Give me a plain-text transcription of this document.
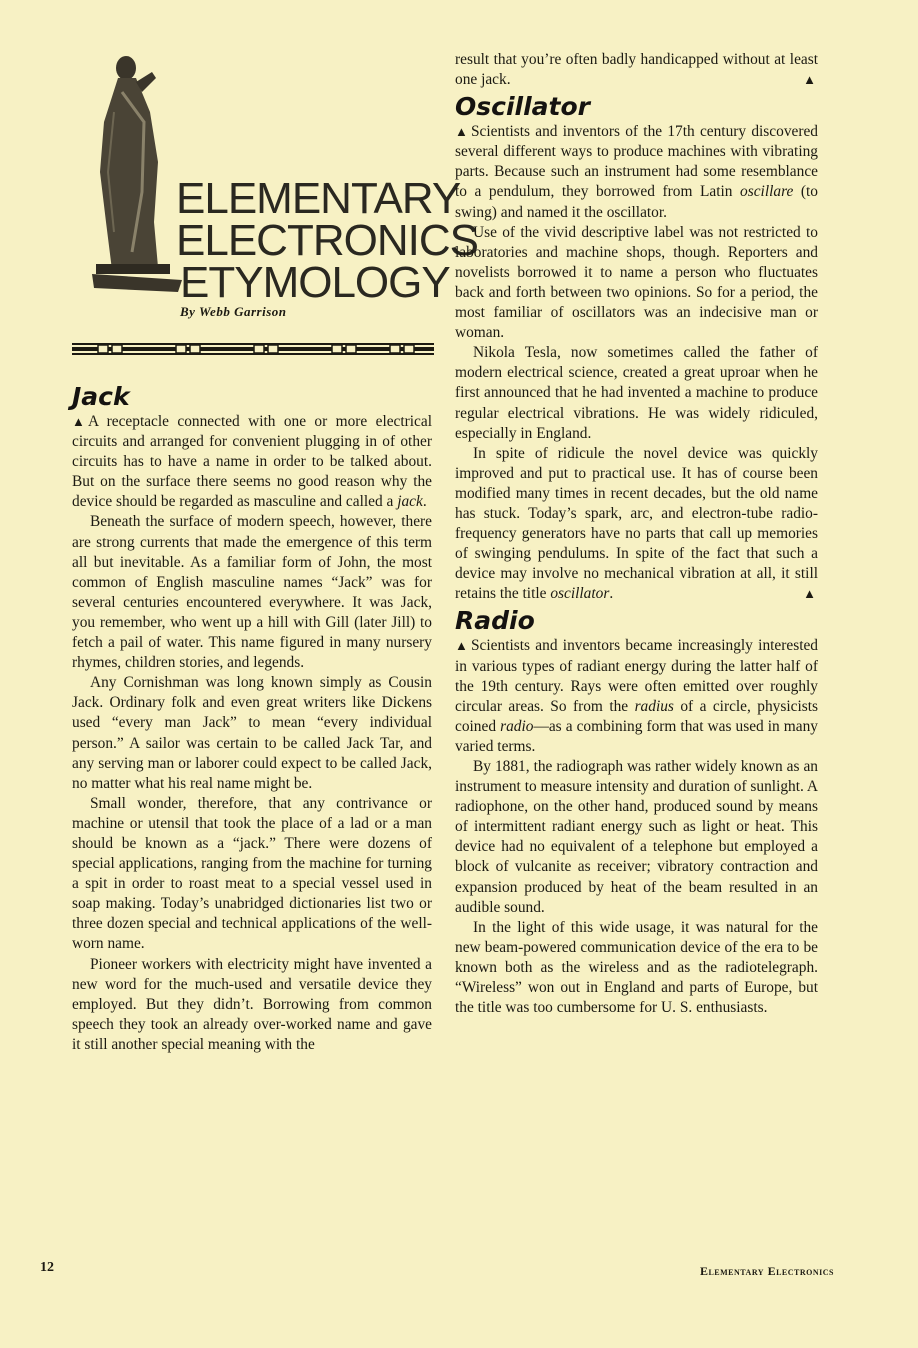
ELEMENTARY
ELECTRONICS
ETYMOLOGY
By Webb Garrison
Jack

▲ A receptacle connected with one or more electrical circuits and arranged for convenient plugging in of other circuits has to have a name in order to be talked about. But on the surface there seems no good reason why the device should be regarded as masculine and called a jack.

Beneath the surface of modern speech, however, there are strong currents that made the emergence of this term all but inevitable. As a familiar form of John, the most common of English masculine names “Jack” was for several centuries encountered everywhere. It was Jack, you remember, who went up a hill with Gill (later Jill) to fetch a pail of water. This name figured in many nursery rhymes, children stories, and legends.

Any Cornishman was long known simply as Cousin Jack. Ordinary folk and even great writers like Dickens used “every man Jack” to mean “every individual person.” A sailor was certain to be called Jack Tar, and any serving man or laborer could expect to be called Jack, no matter what his real name might be.

Small wonder, therefore, that any contrivance or machine or utensil that took the place of a lad or a man should be known as a “jack.” There were dozens of special applications, ranging from the machine for turning a spit in order to roast meat to a special vessel used in soap making. Today’s unabridged dictionaries list two or three dozen special and technical applications of the well-worn name.

Pioneer workers with electricity might have invented a new word for the much-used and versatile device they employed. But they didn’t. Borrowing from common speech they took an already over-worked name and gave it still another special meaning with the

result that you’re often badly handicapped without at least one jack.	▲

Oscillator

▲ Scientists and inventors of the 17th century discovered several different ways to produce machines with vibrating parts. Because such an instrument had some resemblance to a pendulum, they borrowed from Latin oscillare (to swing) and named it the oscillator.

Use of the vivid descriptive label was not restricted to laboratories and machine shops, though. Reporters and novelists borrowed it to name a person who fluctuates back and forth between two opinions. So for a period, the most familiar of oscillators was an indecisive man or woman.

Nikola Tesla, now sometimes called the father of modern electrical science, created a great uproar when he first announced that he had invented a machine to produce regular electrical vibrations. He was widely ridiculed, especially in England.

In spite of ridicule the novel device was quickly improved and put to practical use. It has of course been modified many times in recent decades, but the old name has stuck. Today’s spark, arc, and electron-tube radio-frequency generators have no parts that call up memories of swinging pendulums. In spite of the fact that such a device may involve no mechanical vibration at all, it still retains the title oscillator.	▲

Radio

▲ Scientists and inventors became increasingly interested in various types of radiant energy during the latter half of the 19th century. Rays were often emitted over roughly circular areas. So from the radius of a circle, physicists coined radio—as a combining form that was used in many varied terms.

By 1881, the radiograph was rather widely known as an instrument to measure intensity and duration of sunlight. A radiophone, on the other hand, produced sound by means of intermittent radiant energy such as light or heat. This device had no equivalent of a telephone but employed a block of vulcanite as receiver; vibratory contraction and expansion produced by heat of the beam resulted in an audible sound.

In the light of this wide usage, it was natural for the new beam-powered communication device of the era to be known both as the wireless and as the radiotelegraph. “Wireless” won out in England and parts of Europe, but the title was too cumbersome for U. S. enthusiasts.

12	Elementary Electronics
